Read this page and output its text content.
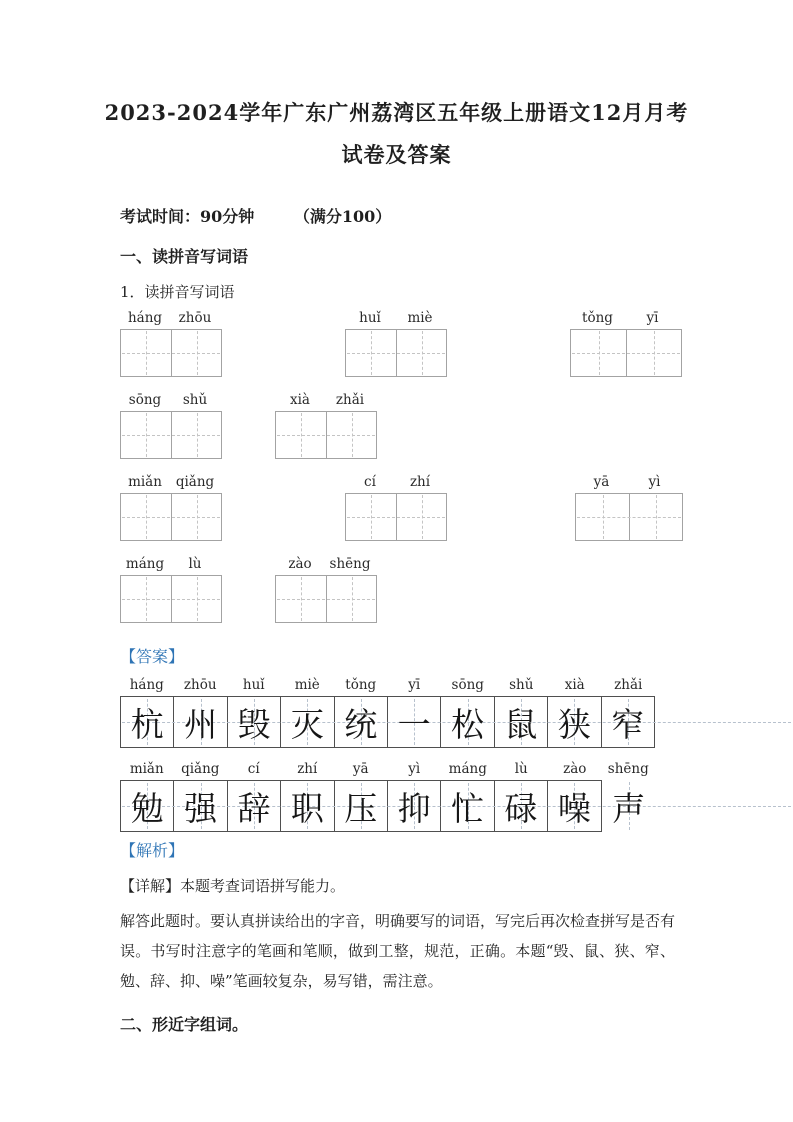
2023-2024学年广东广州荔湾区五年级上册语文12月月考
试卷及答案
考试时间：90分钟 （满分100）
一、读拼音写词语
1．读拼音写词语
háng	zhōu	huǐ	miè	tǒng	yī
sōng	shǔ	xià	zhǎi
miǎn	qiǎng	cí	zhí	yā	yì
máng	lù	zào	shēng
【答案】
háng	zhōu	huǐ	miè	tǒng	yī	sōng	shǔ	xià	zhǎi
杭 州 毁 灭 统 一 松 鼠 狭 窄
miǎn	qiǎng	cí	zhí	yā	yì	máng	lù	zào	shēng
勉 强 辞 职 压 抑 忙 碌 噪 声
【解析】
【详解】本题考查词语拼写能力。
解答此题时。要认真拼读给出的字音，明确要写的词语，写完后再次检查拼写是否有误。书写时注意字的笔画和笔顺，做到工整，规范，正确。本题“毁、鼠、狭、窄、勉、辞、抑、噪”笔画较复杂，易写错，需注意。
二、形近字组词。
